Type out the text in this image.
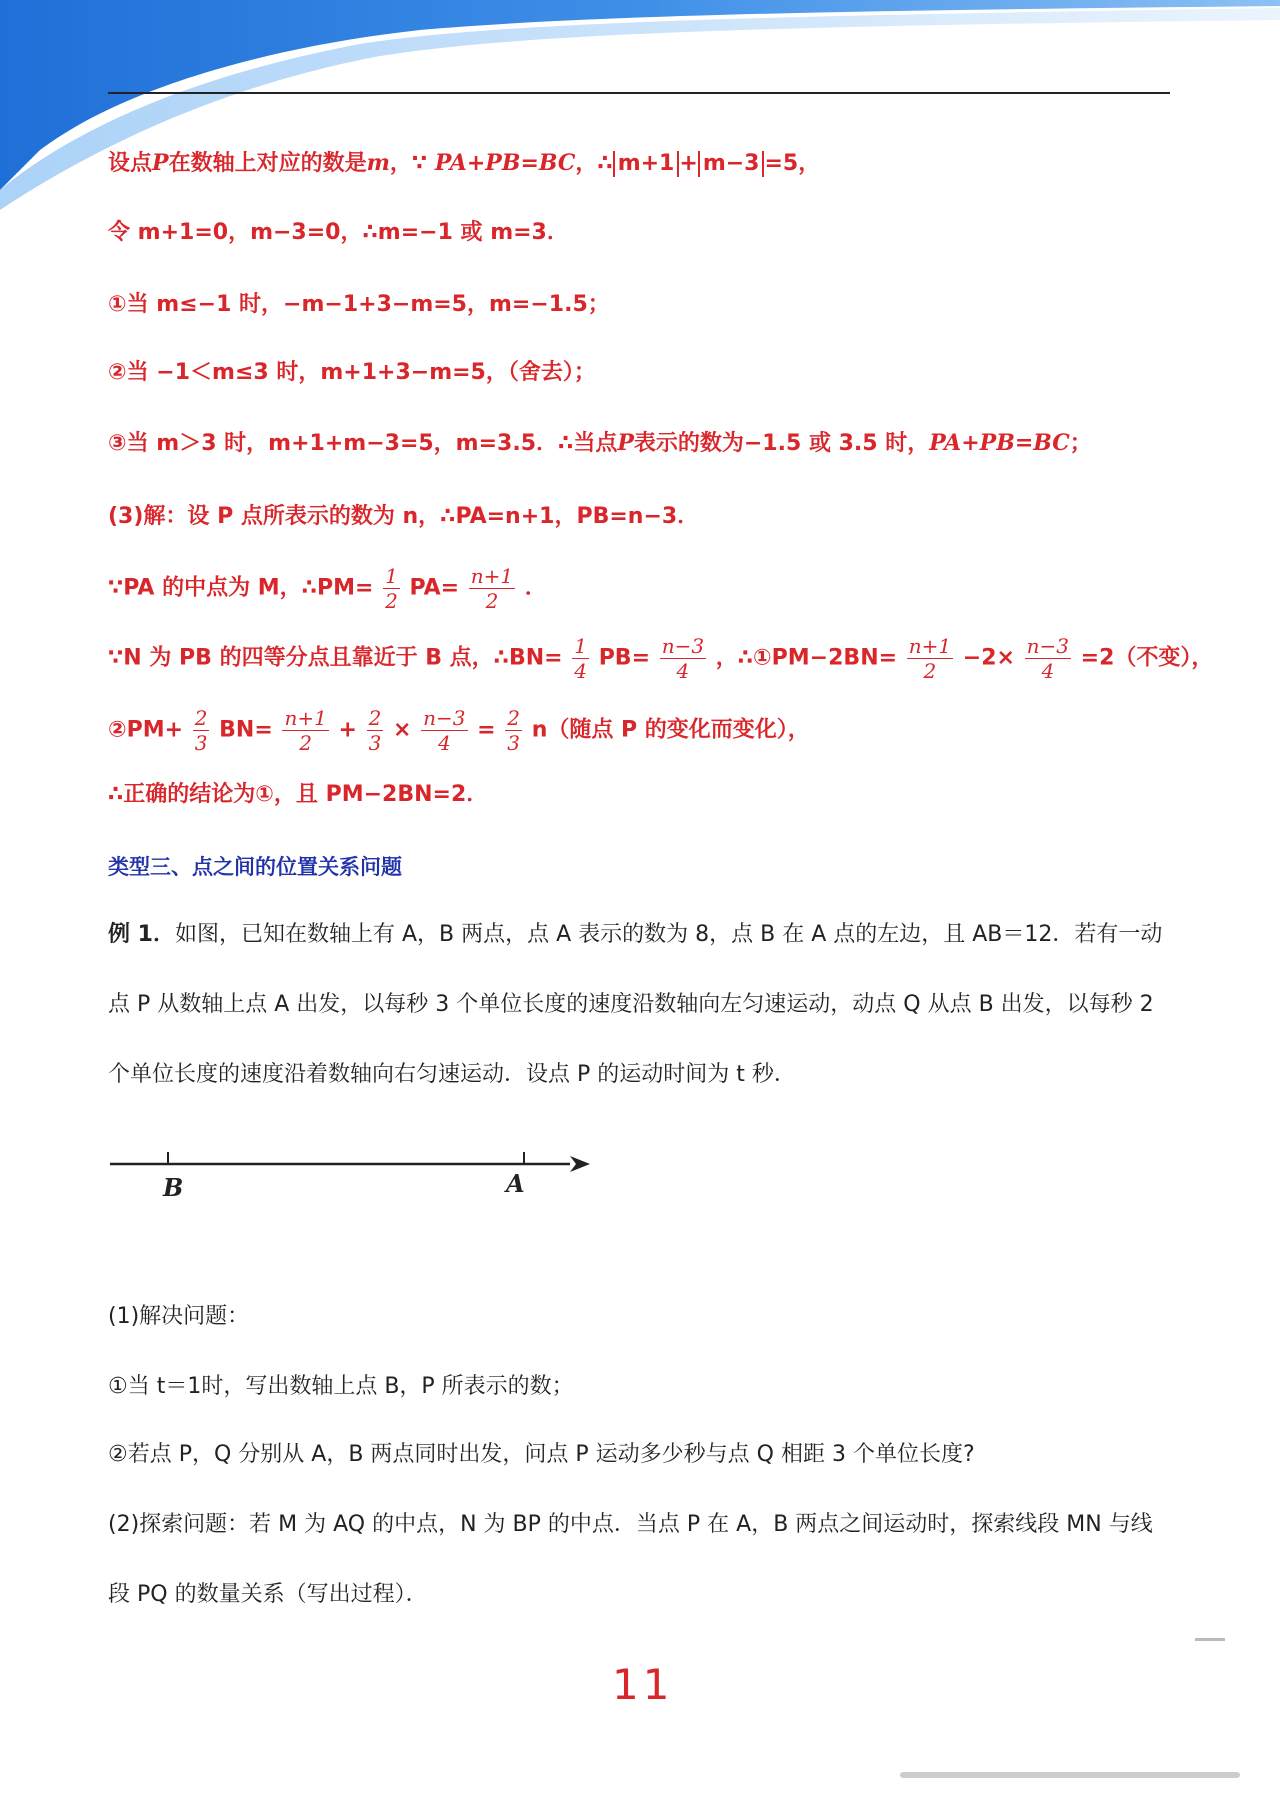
设点P在数轴上对应的数是m，∵ PA+PB=BC，∴ m+1 + m−3 =5，
令 m+1=0，m−3=0，∴m=−1 或 m=3．
①当 m≤−1 时，−m−1+3−m=5，m=−1.5；
②当 −1＜m≤3 时，m+1+3−m=5，（舍去）；
③当 m＞3 时，m+1+m−3=5，m=3.5．∴当点P表示的数为−1.5 或 3.5 时，PA+PB=BC；
(3)解：设 P 点所表示的数为 n，∴PA=n+1，PB=n−3．
∵PA 的中点为 M，∴PM= $\frac{1}{2} PA= \frac{n+1}{2}$ ．
∵N 为 PB 的四等分点且靠近于 B 点，∴BN= $\frac{1}{4} PB= \frac{n-3}{4}$ ，∴①PM−2BN= $\frac{n+1}{2} -2\times \frac{n-3}{4} =2$（不变），
②PM+ $\frac{2}{3} BN= \frac{n+1}{2} + \frac{2}{3} \times \frac{n-3}{4} = \frac{2}{3} n$（随点 P 的变化而变化），
∴正确的结论为①，且 PM−2BN=2．
类型三、点之间的位置关系问题
例 1．如图，已知在数轴上有 A，B 两点，点 A 表示的数为 8，点 B 在 A 点的左边，且 AB＝12．若有一动
点 P 从数轴上点 A 出发，以每秒 3 个单位长度的速度沿数轴向左匀速运动，动点 Q 从点 B 出发，以每秒 2
个单位长度的速度沿着数轴向右匀速运动．设点 P 的运动时间为 t 秒．
B	A
(1)解决问题：
①当 t＝1时，写出数轴上点 B，P 所表示的数；
②若点 P，Q 分别从 A，B 两点同时出发，问点 P 运动多少秒与点 Q 相距 3 个单位长度?
(2)探索问题：若 M 为 AQ 的中点，N 为 BP 的中点．当点 P 在 A，B 两点之间运动时，探索线段 MN 与线
段 PQ 的数量关系（写出过程）．
11
